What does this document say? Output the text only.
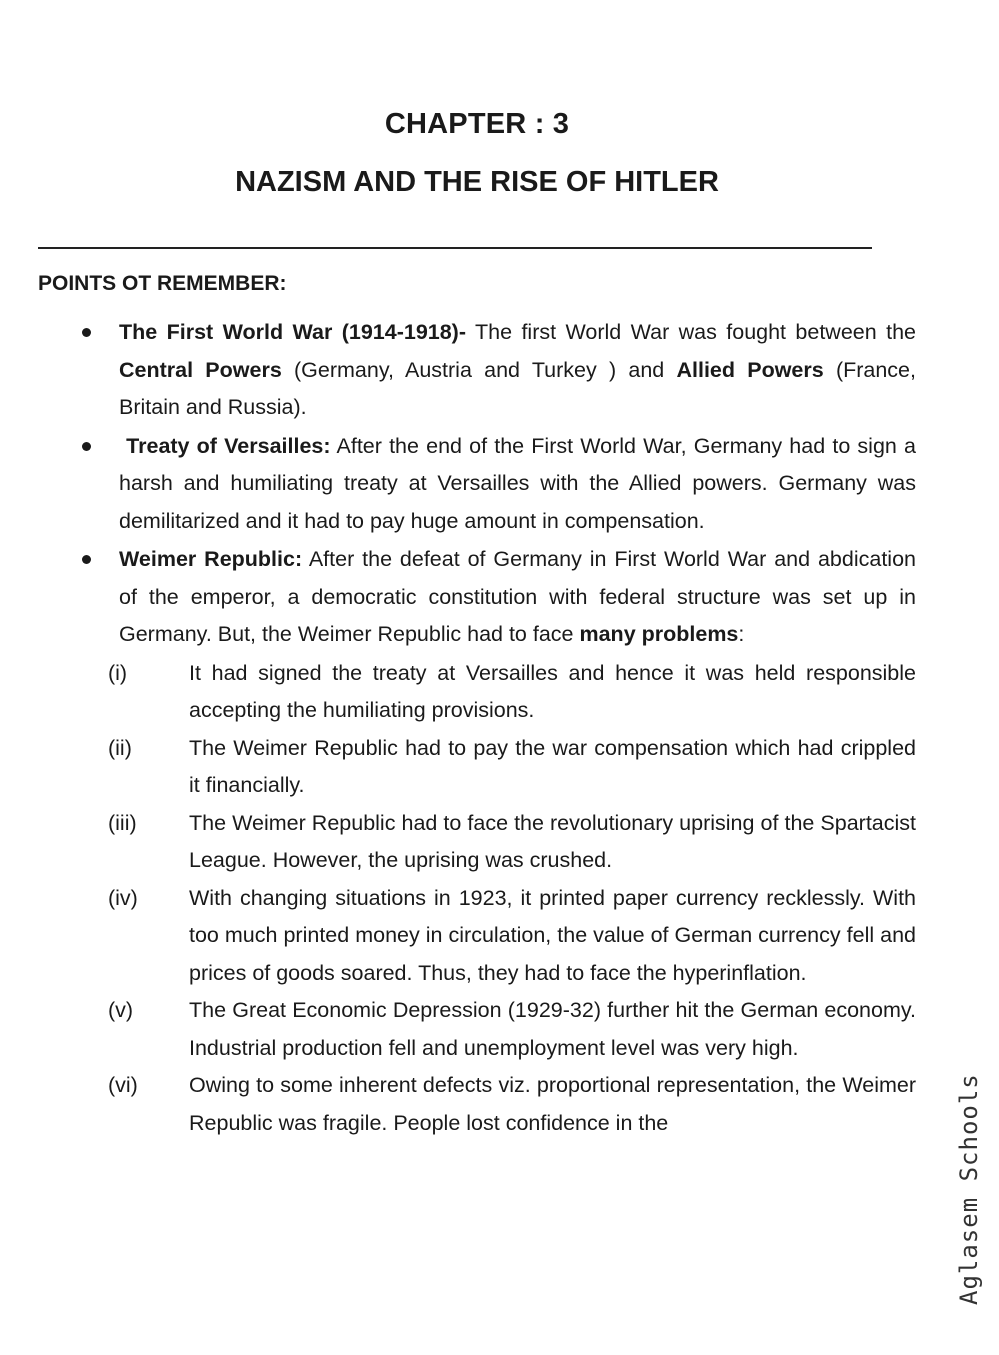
CHAPTER : 3
NAZISM AND THE RISE OF HITLER
POINTS OT REMEMBER:
The First World War (1914-1918)- The first World War was fought between the Central Powers (Germany, Austria and Turkey ) and Allied Powers (France, Britain and Russia).
Treaty of Versailles: After the end of the First World War, Germany had to sign a harsh and humiliating treaty at Versailles with the Allied powers. Germany was demilitarized and it had to pay huge amount in compensation.
Weimer Republic: After the defeat of Germany in First World War and abdication of the emperor, a democratic constitution with federal structure was set up in Germany. But, the Weimer Republic had to face many problems:
(i)	It had signed the treaty at Versailles and hence it was held responsible accepting the humiliating provisions.
(ii)	The Weimer Republic had to pay the war compensation which had crippled it financially.
(iii) The Weimer Republic had to face the revolutionary uprising of the Spartacist League. However, the uprising was crushed.
(iv) With changing situations in 1923, it printed paper currency recklessly. With too much printed money in circulation, the value of German currency fell and prices of goods soared. Thus, they had to face the hyperinflation.
(v)	The Great Economic Depression (1929-32) further hit the German economy. Industrial production fell and unemployment level was very high.
(vi) Owing to some inherent defects viz. proportional representation, the Weimer Republic was fragile. People lost confidence in the	Aglasem Schools
